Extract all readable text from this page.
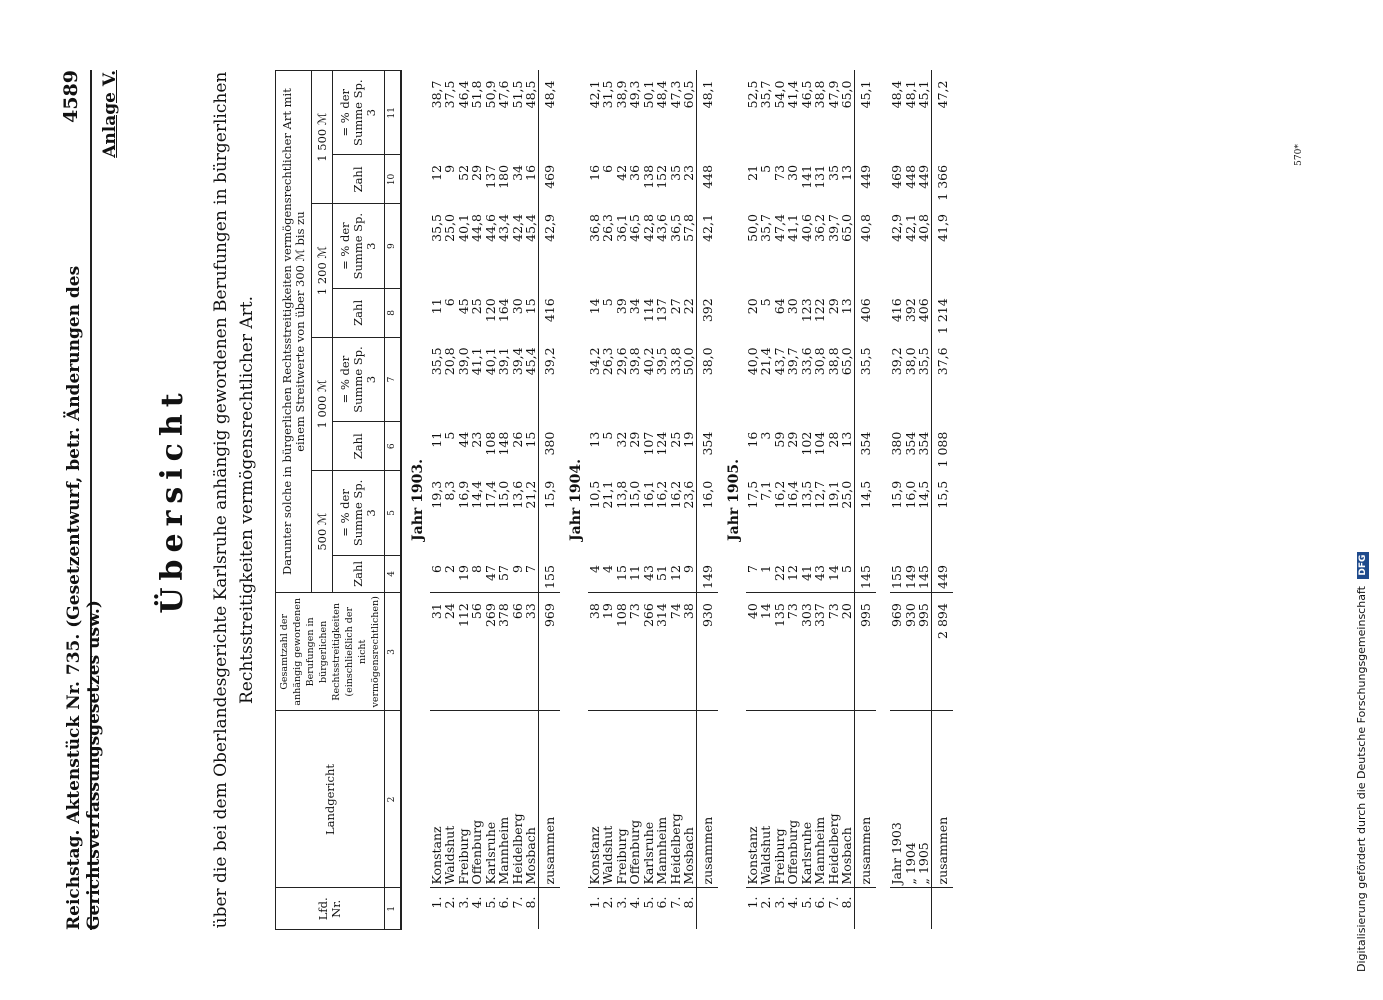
Reichstag. Aktenstück Nr. 735. (Gesetzentwurf, betr. Änderungen des Gerichtsverfassungsgesetzes usw.)
4589 Anlage V.
Übersicht über die bei dem Oberlandesgerichte Karlsruhe anhängig gewordenen Berufungen in bürgerlichen Rechtsstreitigkeiten vermögensrechtlicher Art.
Lfd. Nr.	Landgericht	Gesamtzahl der anhängig gewordenen Berufungen in bürgerlichen Rechtsstreitigkeiten (einschließlich der nicht vermögensrechtlichen)	Darunter solche in bürgerlichen Rechtsstreitigkeiten vermögensrechtlicher Art mit einem Streitwerte von über 300 ℳ bis zu							
			500 ℳ		1 000 ℳ		1 200 ℳ		1 500 ℳ	
			Zahl	= % der Summe Sp. 3	Zahl	= % der Summe Sp. 3	Zahl	= % der Summe Sp. 3	Zahl	= % der Summe Sp. 3
1	2	3	4	5	6	7	8	9	10	11
Jahr 1903.										
1.	Konstanz	31	6	19,3	11	35,5	11	35,5	12	38,7
2.	Waldshut	24	2	8,3	5	20,8	6	25,0	9	37,5
3.	Freiburg	112	19	16,9	44	39,0	45	40,1	52	46,4
4.	Offenburg	56	8	14,4	23	41,1	25	44,8	29	51,8
5.	Karlsruhe	269	47	17,4	108	40,1	120	44,6	137	50,9
6.	Mannheim	378	57	15,0	148	39,1	164	43,4	180	47,6
7.	Heidelberg	66	9	13,6	26	39,4	30	42,4	34	51,5
8.	Mosbach	33	7	21,2	15	45,4	15	45,4	16	48,5
	zusammen	969	155	15,9	380	39,2	416	42,9	469	48,4
Jahr 1904.										
1.	Konstanz	38	4	10,5	13	34,2	14	36,8	16	42,1
2.	Waldshut	19	4	21,1	5	26,3	5	26,3	6	31,5
3.	Freiburg	108	15	13,8	32	29,6	39	36,1	42	38,9
4.	Offenburg	73	11	15,0	29	39,8	34	46,5	36	49,3
5.	Karlsruhe	266	43	16,1	107	40,2	114	42,8	138	50,1
6.	Mannheim	314	51	16,2	124	39,5	137	43,6	152	48,4
7.	Heidelberg	74	12	16,2	25	33,8	27	36,5	35	47,3
8.	Mosbach	38	9	23,6	19	50,0	22	57,8	23	60,5
	zusammen	930	149	16,0	354	38,0	392	42,1	448	48,1
Jahr 1905.										
1.	Konstanz	40	7	17,5	16	40,0	20	50,0	21	52,5
2.	Waldshut	14	1	7,1	3	21,4	5	35,7	5	35,7
3.	Freiburg	135	22	16,2	59	43,7	64	47,4	73	54,0
4.	Offenburg	73	12	16,4	29	39,7	30	41,1	30	41,4
5.	Karlsruhe	303	41	13,5	102	33,6	123	40,6	141	46,5
6.	Mannheim	337	43	12,7	104	30,8	122	36,2	131	38,8
7.	Heidelberg	73	14	19,1	28	38,8	29	39,7	35	47,9
8.	Mosbach	20	5	25,0	13	65,0	13	65,0	13	65,0
	zusammen	995	145	14,5	354	35,5	406	40,8	449	45,1

	Jahr 1903	969	155	15,9	380	39,2	416	42,9	469	48,4
	„ 1904	930	149	16,0	354	38,0	392	42,1	448	48,1
	„ 1905	995	145	14,5	354	35,5	406	40,8	449	45,1
	zusammen	2 894	449	15,5	1 088	37,6	1 214	41,9	1 366	47,2
570*
Digitalisierung gefördert durch die Deutsche Forschungsgemeinschaft DFG
